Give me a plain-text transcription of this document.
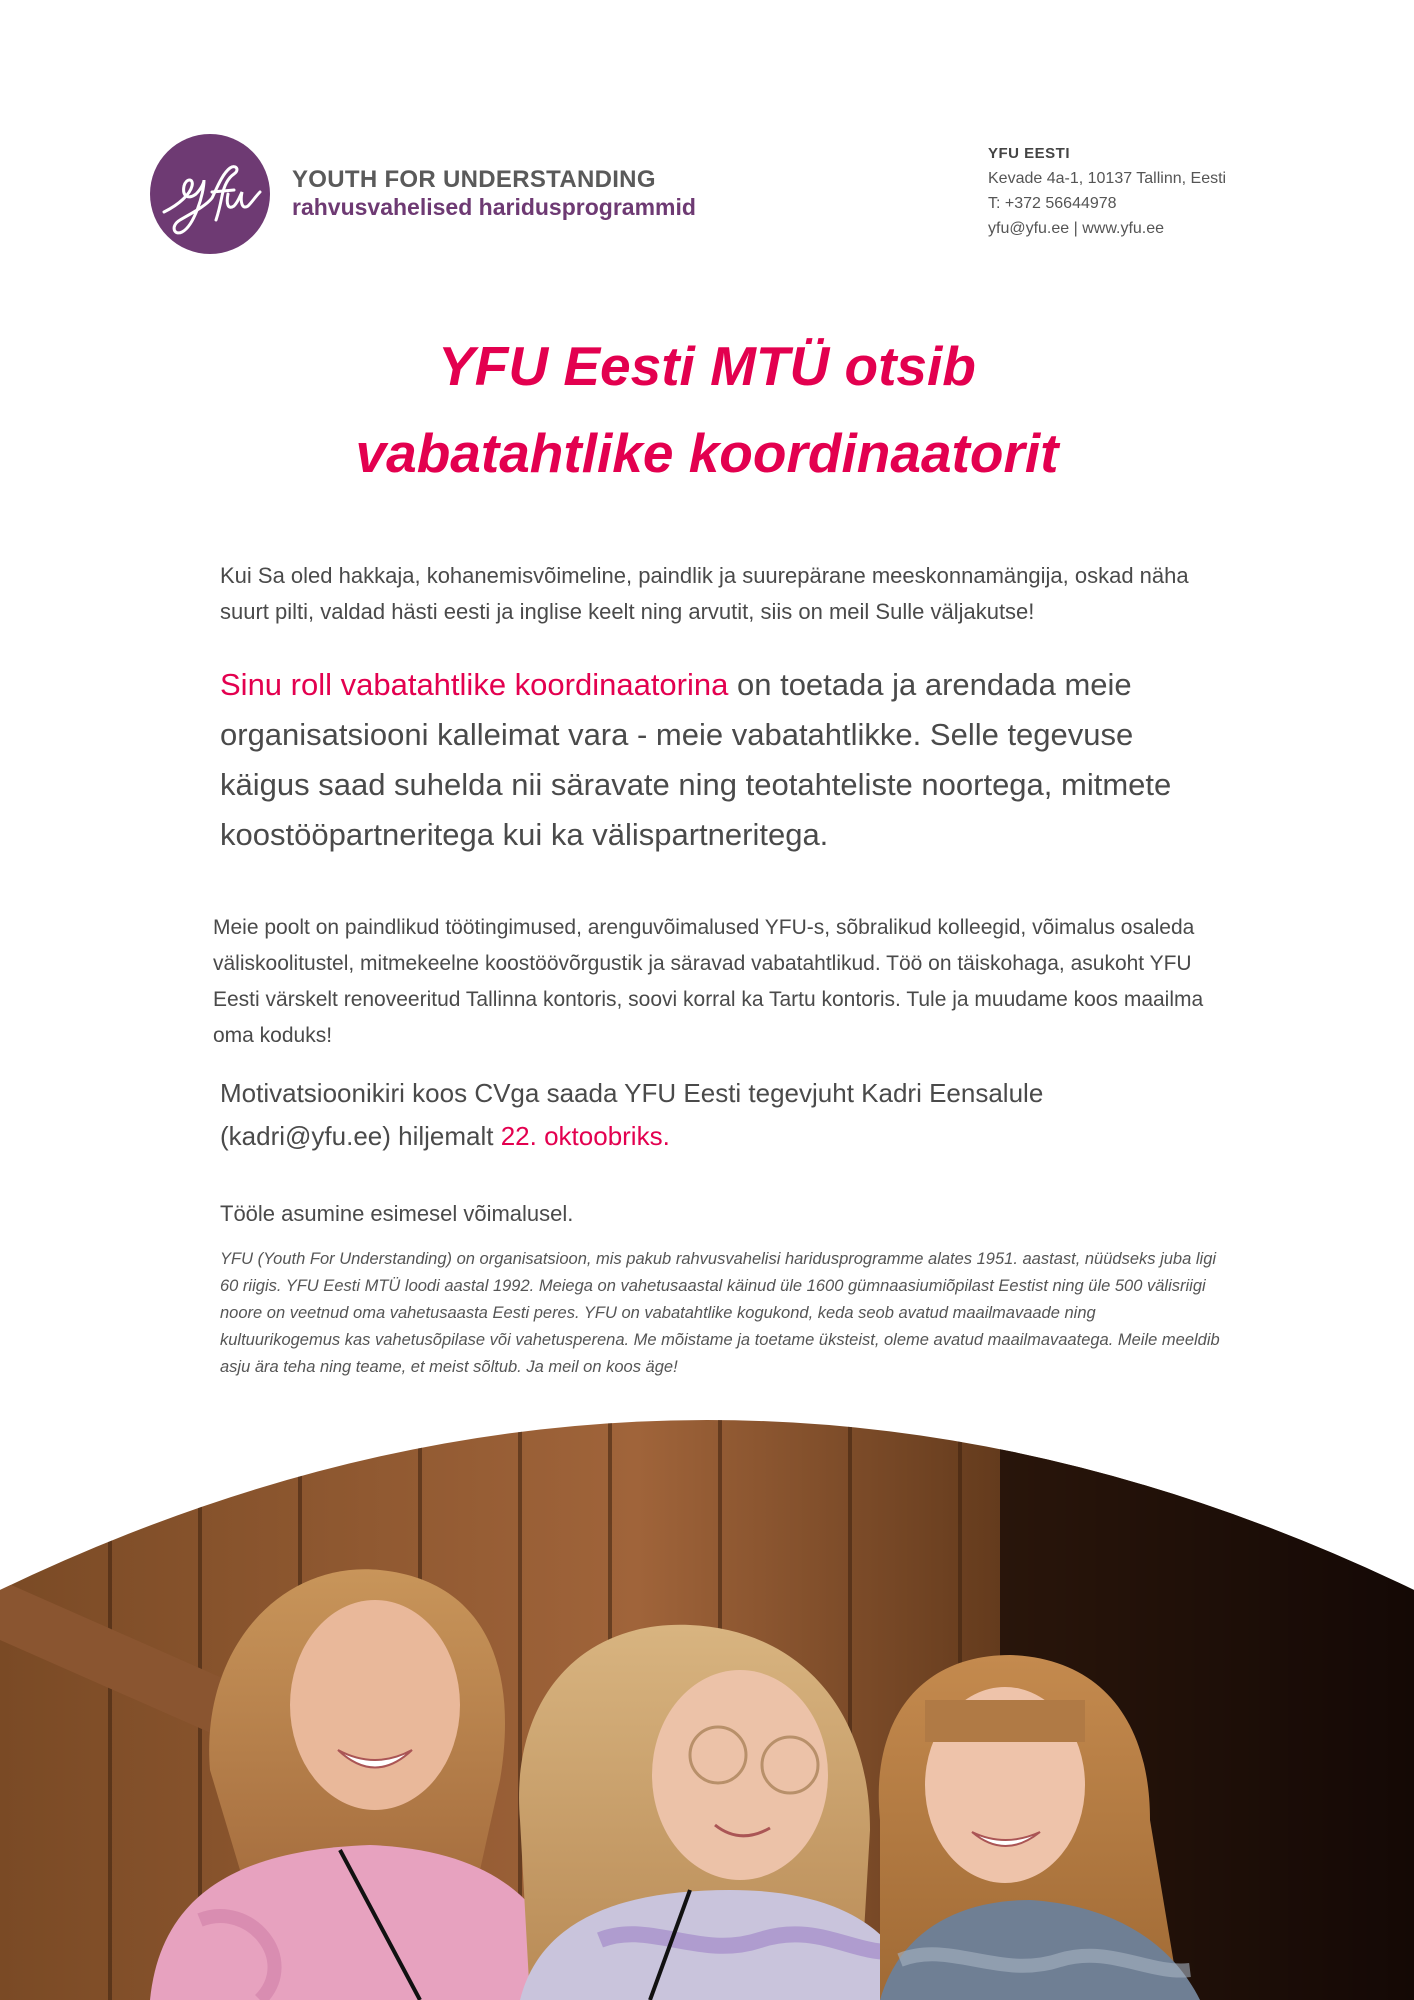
YOUTH FOR UNDERSTANDING
rahvusvahelised haridusprogrammid
YFU EESTI
Kevade 4a-1, 10137 Tallinn, Eesti
T: +372 56644978
yfu@yfu.ee | www.yfu.ee
YFU Eesti MTÜ otsib
vabatahtlike koordinaatorit

Kui Sa oled hakkaja, kohanemisvõimeline, paindlik ja suurepärane meeskonnamängija, oskad näha suurt pilti, valdad hästi eesti ja inglise keelt ning arvutit, siis on meil Sulle väljakutse!

Sinu roll vabatahtlike koordinaatorina on toetada ja arendada meie organisatsiooni kalleimat vara - meie vabatahtlikke. Selle tegevuse käigus saad suhelda nii säravate ning teotahteliste noortega, mitmete koostööpartneritega kui ka välispartneritega.

Meie poolt on paindlikud töötingimused, arenguvõimalused YFU-s, sõbralikud kolleegid, võimalus osaleda väliskoolitustel, mitmekeelne koostöövõrgustik ja säravad vabatahtlikud. Töö on täiskohaga, asukoht YFU Eesti värskelt renoveeritud Tallinna kontoris, soovi korral ka Tartu kontoris. Tule ja muudame koos maailma oma koduks!

Motivatsioonikiri koos CVga saada YFU Eesti tegevjuht Kadri Eensalule (kadri@yfu.ee) hiljemalt 22. oktoobriks.

Tööle asumine esimesel võimalusel.

YFU (Youth For Understanding) on organisatsioon, mis pakub rahvusvahelisi haridusprogramme alates 1951. aastast, nüüdseks juba ligi 60 riigis. YFU Eesti MTÜ loodi aastal 1992. Meiega on vahetusaastal käinud üle 1600 gümnaasiumiõpilast Eestist ning üle 500 välisriigi noore on veetnud oma vahetusaasta Eesti peres. YFU on vabatahtlike kogukond, keda seob avatud maailmavaade ning kultuurikogemus kas vahetusõpilase või vahetusperena. Me mõistame ja toetame üksteist, oleme avatud maailmavaatega. Meile meeldib asju ära teha ning teame, et meist sõltub. Ja meil on koos äge!
